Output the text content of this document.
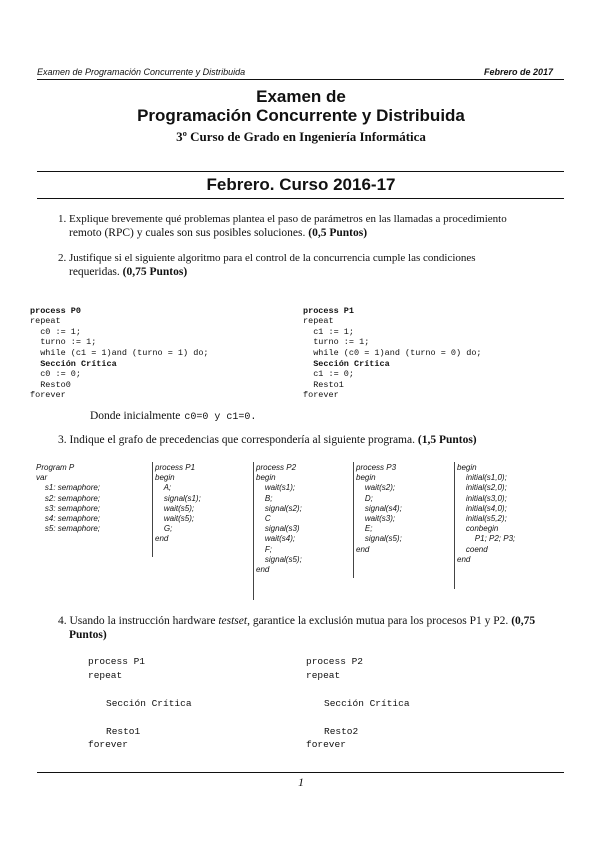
Examen de Programación Concurrente y Distribuida	Febrero de 2017
Examen de
Programación Concurrente y Distribuida
3º Curso de Grado en Ingeniería Informática
Febrero. Curso 2016-17
1. Explique brevemente qué problemas plantea el paso de parámetros en las llamadas a procedimiento
remoto (RPC) y cuales son sus posibles soluciones. (0,5 Puntos)
2. Justifique si el siguiente algoritmo para el control de la concurrencia cumple las condiciones
requeridas. (0,75 Puntos)

process P0
repeat
c0 := 1;
turno := 1;
while (c1 = 1)and (turno = 1) do;
Sección Crítica
c0 := 0;
Resto0
forever

process P1
repeat
c1 := 1;
turno := 1;
while (c0 = 1)and (turno = 0) do;
Sección Crítica
c1 := 0;
Resto1
forever

Donde inicialmente c0=0 y c1=0.
3. Indique el grafo de precedencias que correspondería al siguiente programa. (1,5 Puntos)
Program P
var
s1: semaphore;
s2: semaphore;
s3: semaphore;
s4: semaphore;
s5: semaphore;
process P1
begin
A;
signal(s1);
wait(s5);
wait(s5);
G;
end
process P2
begin
wait(s1);
B;
signal(s2);
C
signal(s3)
wait(s4);
F;
signal(s5);
end
process P3
begin
wait(s2);
D;
signal(s4);
wait(s3);
E;
signal(s5);
end
begin
initial(s1,0);
initial(s2,0);
initial(s3,0);
initial(s4,0);
initial(s5,2);
conbegin
P1; P2; P3;
coend
end
4. Usando la instrucción hardware testset, garantice la exclusión mutua para los procesos P1 y P2. (0,75
Puntos)

process P1

repeat

Sección Crítica

Resto1

forever

process P2

repeat

Sección Crítica

Resto2

forever

1
